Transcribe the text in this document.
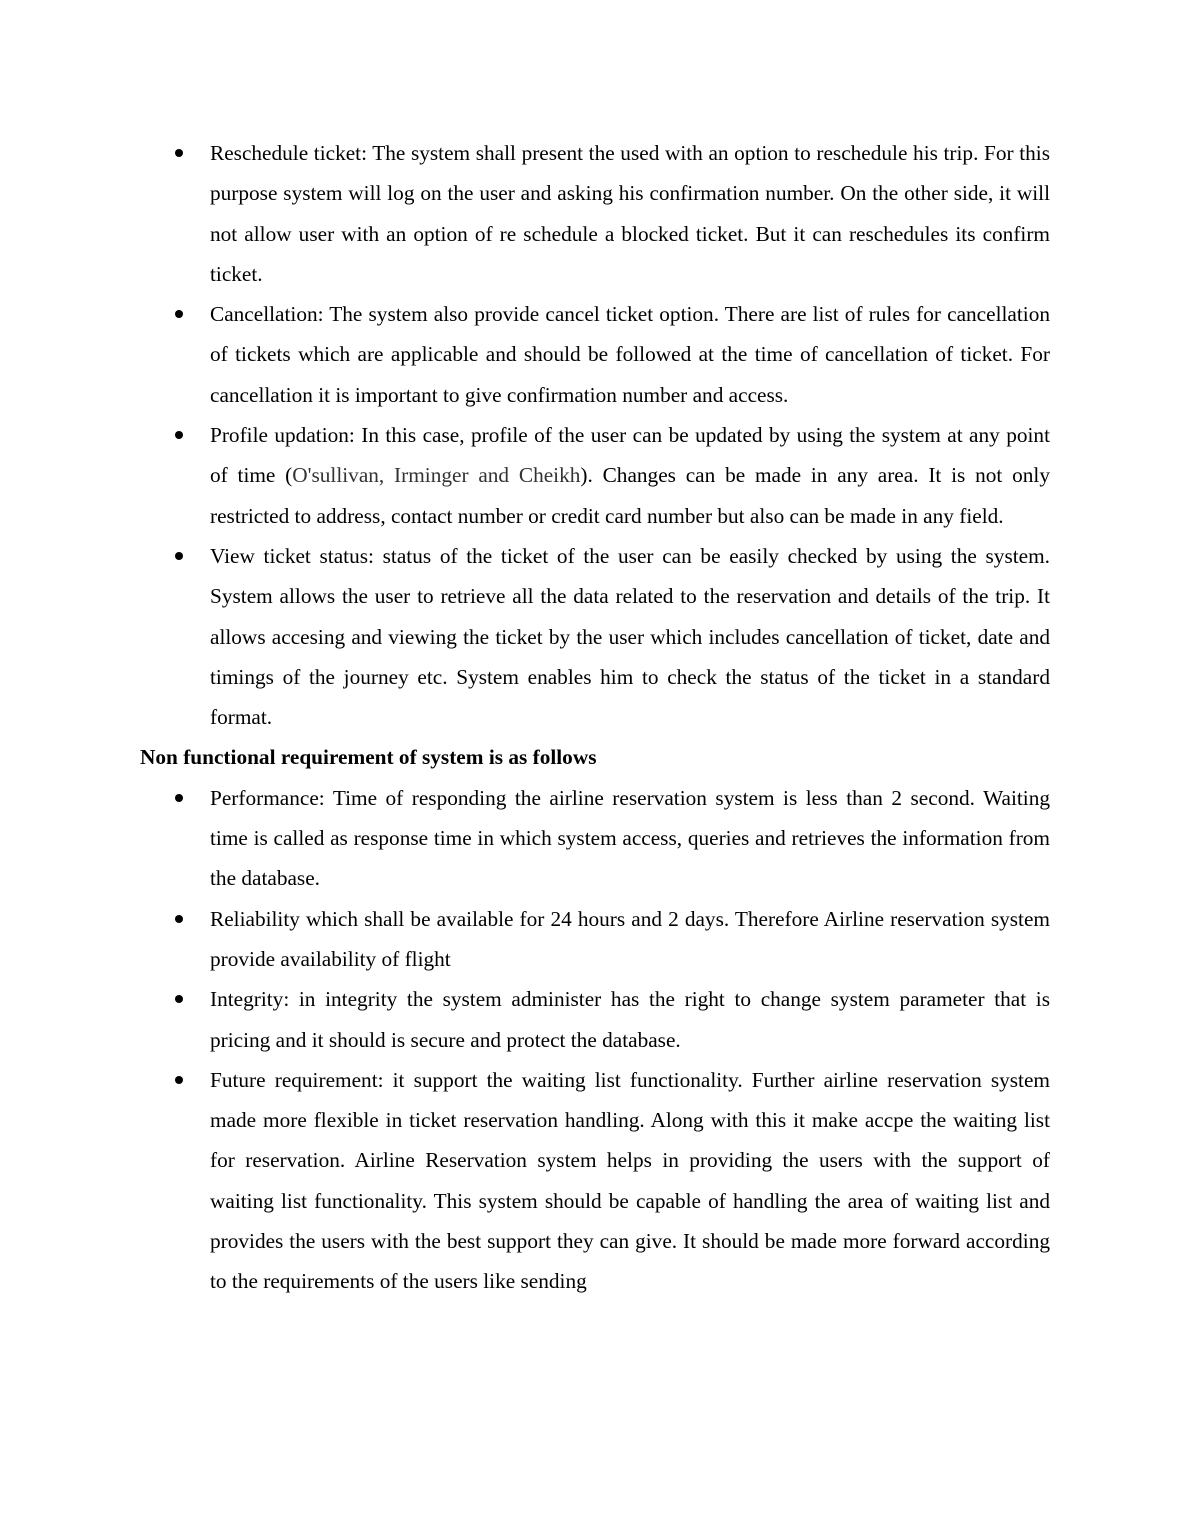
Reschedule ticket: The system shall present the used with an option to reschedule his trip. For this purpose system will log on the user and asking his confirmation number. On the other side, it will not allow user with an option of re schedule a blocked ticket. But it can reschedules its confirm ticket.
Cancellation: The system also provide cancel ticket option. There are list of rules for cancellation of tickets which are applicable and should be followed at the time of cancellation of ticket. For cancellation it is important to give confirmation number and access.
Profile updation: In this case, profile of the user can be updated by using the system at any point of time (O'sullivan, Irminger and Cheikh). Changes can be made in any area. It is not only restricted to address, contact number or credit card number but also can be made in any field.
View ticket status: status of the ticket of the user can be easily checked by using the system. System allows the user to retrieve all the data related to the reservation and details of the trip. It allows accesing and viewing the ticket by the user which includes cancellation of ticket, date and timings of the journey etc. System enables him to check the status of the ticket in a standard format.

Non functional requirement of system is as follows

Performance: Time of responding the airline reservation system is less than 2 second. Waiting time is called as response time in which system access, queries and retrieves the information from the database.
Reliability which shall be available for 24 hours and 2 days. Therefore Airline reservation system provide availability of flight
Integrity: in integrity the system administer has the right to change system parameter that is pricing and it should is secure and protect the database.
Future requirement: it support the waiting list functionality. Further airline reservation system made more flexible in ticket reservation handling. Along with this it make accpe the waiting list for reservation. Airline Reservation system helps in providing the users with the support of waiting list functionality. This system should be capable of handling the area of waiting list and provides the users with the best support they can give. It should be made more forward according to the requirements of the users like sending
